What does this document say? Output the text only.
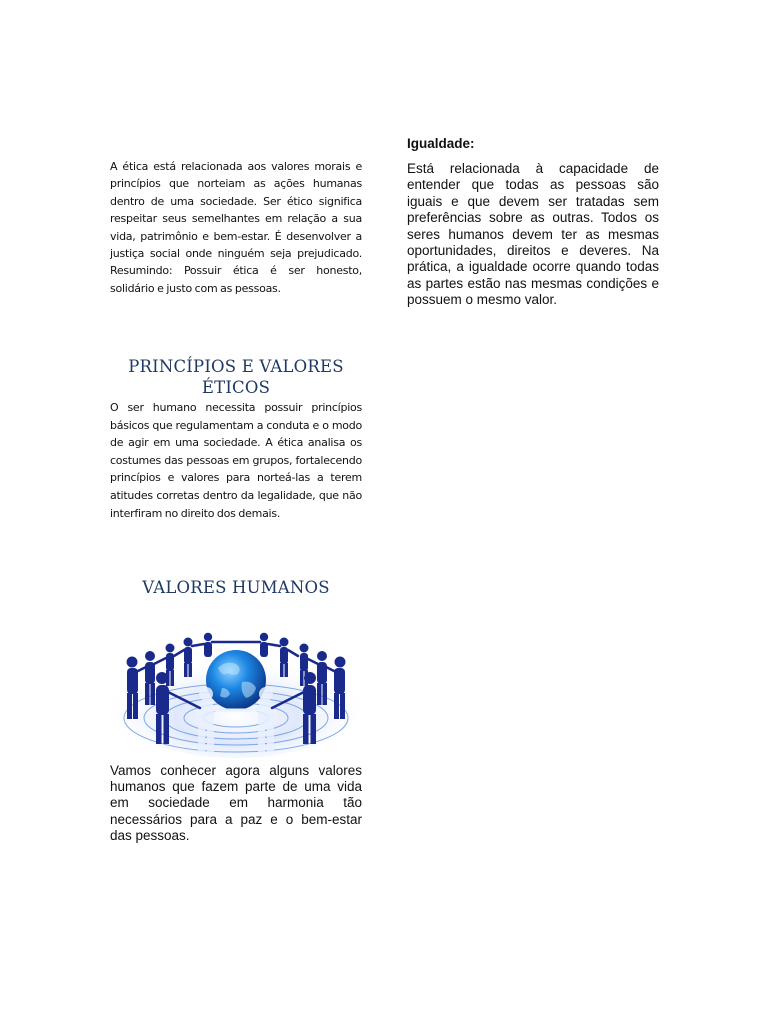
A ética está relacionada aos valores morais e princípios que norteiam as ações humanas dentro de uma sociedade. Ser ético significa respeitar seus semelhantes em relação a sua vida, patrimônio e bem-estar. É desenvolver a justiça social onde ninguém seja prejudicado. Resumindo: Possuir ética é ser honesto, solidário e justo com as pessoas.

PRINCÍPIOS E VALORES ÉTICOS

O ser humano necessita possuir princípios básicos que regulamentam a conduta e o modo de agir em uma sociedade. A ética analisa os costumes das pessoas em grupos, fortalecendo princípios e valores para norteá-las a terem atitudes corretas dentro da legalidade, que não interfiram no direito dos demais.

VALORES HUMANOS

Vamos conhecer agora alguns valores humanos que fazem parte de uma vida em sociedade em harmonia tão necessários para a paz e o bem-estar das pessoas.

Igualdade:

Está relacionada à capacidade de entender que todas as pessoas são iguais e que devem ser tratadas sem preferências sobre as outras. Todos os seres humanos devem ter as mesmas oportunidades, direitos e deveres. Na prática, a igualdade ocorre quando todas as partes estão nas mesmas condições e possuem o mesmo valor.
